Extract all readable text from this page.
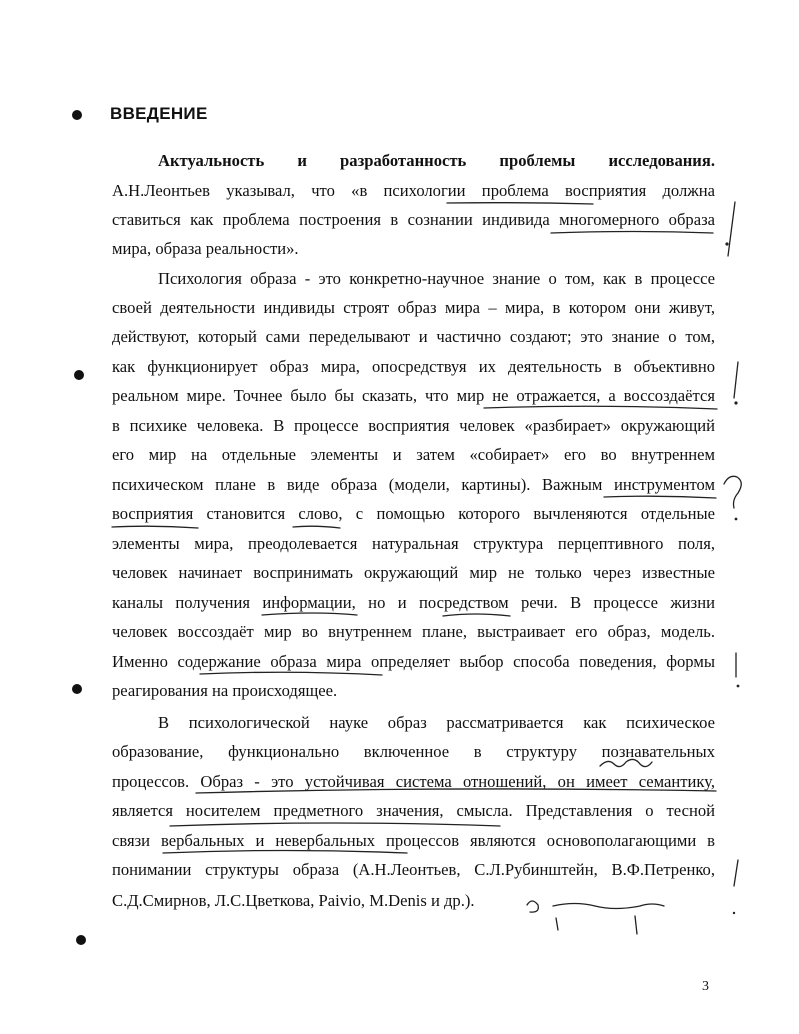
ВВЕДЕНИЕ
Актуальность и разработанность проблемы исследования.
А.Н.Леонтьев указывал, что «в психологии проблема восприятия должна
ставиться как проблема построения в сознании индивида многомерного образа
мира, образа реальности».
Психология образа - это конкретно-научное знание о том, как в процессе
своей деятельности индивиды строят образ мира – мира, в котором они живут,
действуют, который сами переделывают и частично создают; это знание о том,
как функционирует образ мира, опосредствуя их деятельность в объективно
реальном мире. Точнее было бы сказать, что мир не отражается, а воссоздаётся
в психике человека. В процессе восприятия человек «разбирает» окружающий
его мир на отдельные элементы и затем «собирает» его во внутреннем
психическом плане в виде образа (модели, картины). Важным инструментом
восприятия становится слово, с помощью которого вычленяются отдельные
элементы мира, преодолевается натуральная структура перцептивного поля,
человек начинает воспринимать окружающий мир не только через известные
каналы получения информации, но и посредством речи. В процессе жизни
человек воссоздаёт мир во внутреннем плане, выстраивает его образ, модель.
Именно содержание образа мира определяет выбор способа поведения, формы
реагирования на происходящее.
В психологической науке образ рассматривается как психическое
образование, функционально включенное в структуру познавательных
процессов. Образ - это устойчивая система отношений, он имеет семантику,
является носителем предметного значения, смысла. Представления о тесной
связи вербальных и невербальных процессов являются основополагающими в
понимании структуры образа (А.Н.Леонтьев, С.Л.Рубинштейн, В.Ф.Петренко,
С.Д.Смирнов, Л.С.Цветкова, Paivio, M.Denis и др.).
3
